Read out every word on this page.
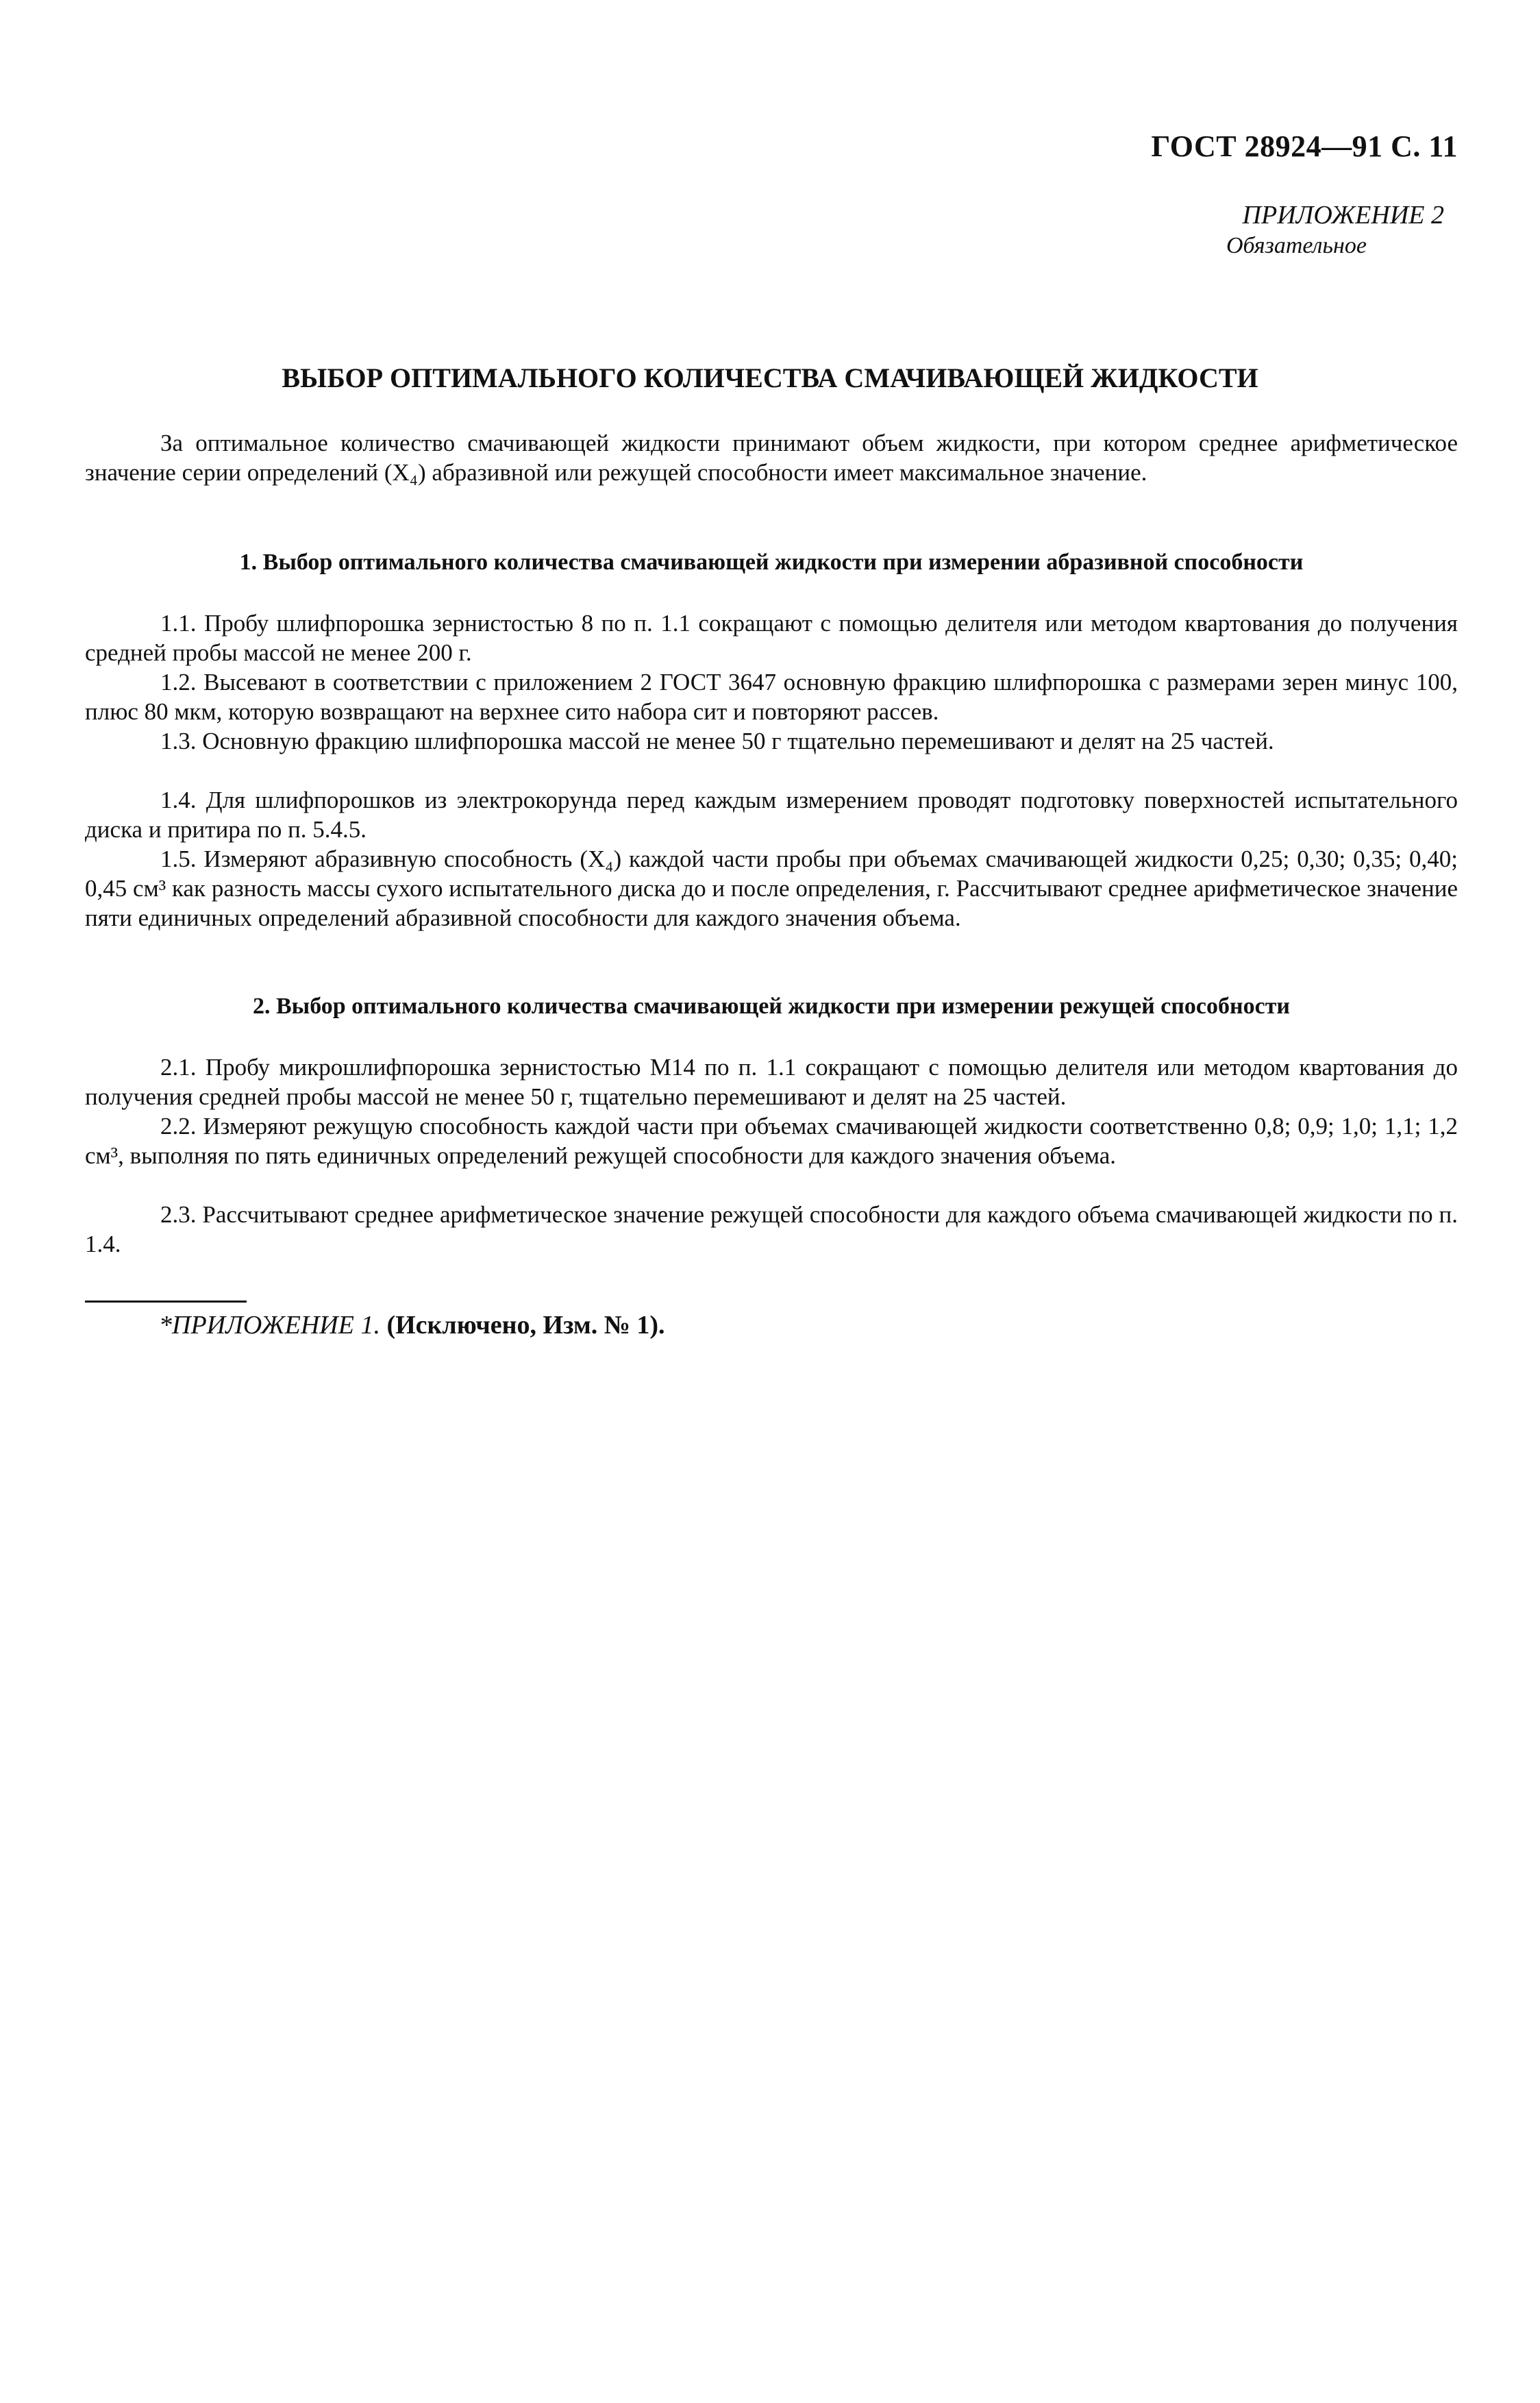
ГОСТ 28924—91 С. 11
ПРИЛОЖЕНИЕ 2
Обязательное
ВЫБОР ОПТИМАЛЬНОГО КОЛИЧЕСТВА СМАЧИВАЮЩЕЙ ЖИДКОСТИ
За оптимальное количество смачивающей жидкости принимают объем жидкости, при котором среднее арифметическое значение серии определений (X₄) абразивной или режущей способности имеет максимальное значение.
1. Выбор оптимального количества смачивающей жидкости при измерении абразивной способности
1.1. Пробу шлифпорошка зернистостью 8 по п. 1.1 сокращают с помощью делителя или методом квартования до получения средней пробы массой не менее 200 г.
1.2. Высевают в соответствии с приложением 2 ГОСТ 3647 основную фракцию шлифпорошка с размерами зерен минус 100, плюс 80 мкм, которую возвращают на верхнее сито набора сит и повторяют рассев.
1.3. Основную фракцию шлифпорошка массой не менее 50 г тщательно перемешивают и делят на 25 частей.
1.4. Для шлифпорошков из электрокорунда перед каждым измерением проводят подготовку поверхностей испытательного диска и притира по п. 5.4.5.
1.5. Измеряют абразивную способность (X₄) каждой части пробы при объемах смачивающей жидкости 0,25; 0,30; 0,35; 0,40; 0,45 см³ как разность массы сухого испытательного диска до и после определения, г. Рассчитывают среднее арифметическое значение пяти единичных определений абразивной способности для каждого значения объема.
2. Выбор оптимального количества смачивающей жидкости при измерении режущей способности
2.1. Пробу микрошлифпорошка зернистостью М14 по п. 1.1 сокращают с помощью делителя или методом квартования до получения средней пробы массой не менее 50 г, тщательно перемешивают и делят на 25 частей.
2.2. Измеряют режущую способность каждой части при объемах смачивающей жидкости соответственно 0,8; 0,9; 1,0; 1,1; 1,2 см³, выполняя по пять единичных определений режущей способности для каждого значения объема.
2.3. Рассчитывают среднее арифметическое значение режущей способности для каждого объема смачивающей жидкости по п. 1.4.
*ПРИЛОЖЕНИЕ 1. (Исключено, Изм. № 1).
